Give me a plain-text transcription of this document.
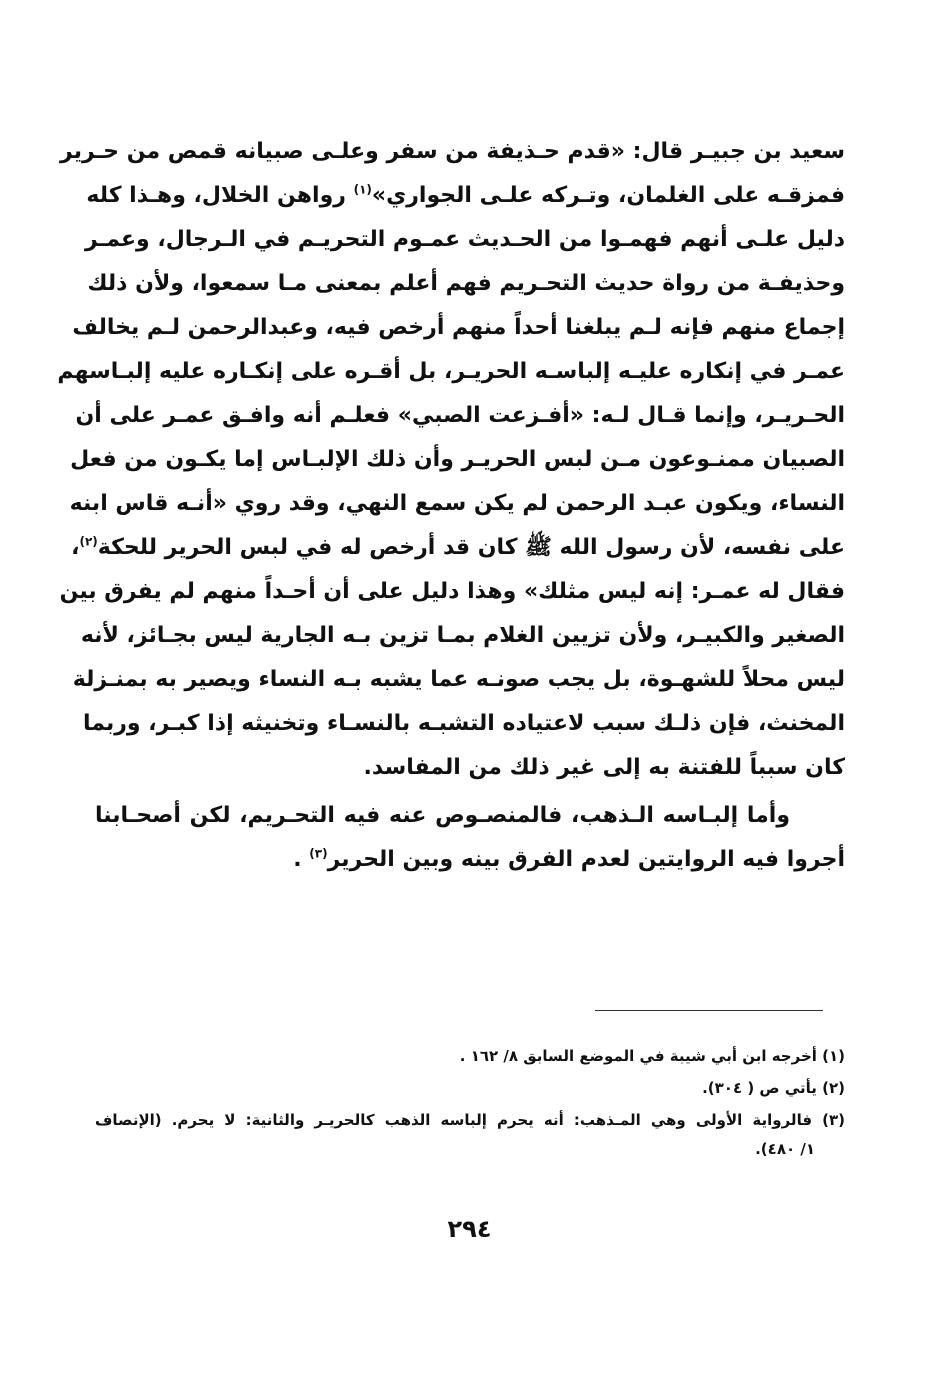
سعيد بن جبيـر قال: «قدم حـذيفة من سفر وعلـى صبيانه قمص من حـرير
فمزقـه على الغلمان، وتـركه علـى الجواري»$^{(١)}$ رواهن الخلال، وهـذا كله
دليل علـى أنهم فهمـوا من الحـديث عمـوم التحريـم في الـرجال، وعمـر
وحذيفـة من رواة حديث التحـريم فهم أعلم بمعنى مـا سمعوا، ولأن ذلك
إجماع منهم فإنه لـم يبلغنا أحداً منهم أرخص فيه، وعبدالرحمن لـم يخالف
عمـر في إنكاره عليـه إلباسـه الحريـر، بل أقـره على إنكـاره عليه إلبـاسهم
الحـريـر، وإنما قـال لـه: «أفـزعت الصبي» فعلـم أنه وافـق عمـر على أن
الصبيان ممنـوعون مـن لبس الحريـر وأن ذلك الإلبـاس إما يكـون من فعل
النساء، ويكون عبـد الرحمن لم يكن سمع النهي، وقد روي «أنـه قاس ابنه
على نفسه، لأن رسول الله ﷺ كان قد أرخص له في لبس الحرير للحكة$^{(٢)}$،
فقال له عمـر: إنه ليس مثلك» وهذا دليل على أن أحـداً منهم لم يفرق بين
الصغير والكبيـر، ولأن تزيين الغلام بمـا تزين بـه الجارية ليس بجـائز، لأنه
ليس محلاً للشهـوة، بل يجب صونـه عما يشبه بـه النساء ويصير به بمنـزلة
المخنث، فإن ذلـك سبب لاعتياده التشبـه بالنسـاء وتخنيثه إذا كبـر، وربما
كان سبباً للفتنة به إلى غير ذلك من المفاسد.
وأما إلبـاسه الـذهب، فالمنصـوص عنه فيه التحـريم، لكن أصحـابنا
أجروا فيه الروايتين لعدم الفرق بينه وبين الحرير$^{(٣)}$ .
(١) أخرجه ابن أبي شيبة في الموضع السابق ٨/ ١٦٢ .
(٢) يأتي ص ( ٣٠٤).
(٣) فالرواية الأولى وهي المـذهب: أنه يحرم إلباسه الذهب كالحريـر والثانية: لا يحرم. (الإنصاف
١/ ٤٨٠).
٢٩٤
